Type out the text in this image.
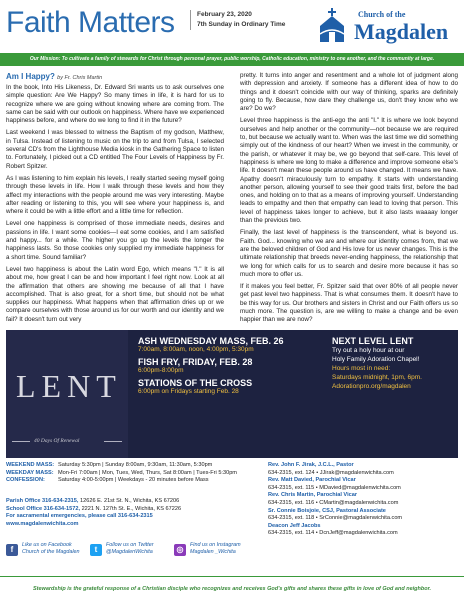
Faith Matters	February 23, 2020
7th Sunday in Ordinary Time
Church of the
Magdalen
Our Mission: To cultivate a family of stewards for Christ through personal prayer, public worship, Catholic education, ministry to one another, and the community at large.
Am I Happy? by Fr. Chris Martin

In the book, Into His Likeness, Dr. Edward Sri wants us to ask ourselves one simple question: Are We Happy? So many times in life, it is hard for us to recognize where we are going without knowing where are coming from. The same can be said with our outlook on happiness. Where have we experienced happiness before, and where do we long to find it in the future?

Last weekend I was blessed to witness the Baptism of my godson, Matthew, in Tulsa. Instead of listening to music on the trip to and from Tulsa, I selected several CD's from the Lighthouse Media kiosk in the Gathering Space to listen to. Fortunately, I picked out a CD entitled The Four Levels of Happiness by Fr. Robert Spitzer.

As I was listening to him explain his levels, I really started seeing myself going through these levels in life. How I walk through these levels and how they affect my interactions with the people around me was very interesting. Maybe after reading or listening to this, you will see where your happiness is, and where it could be with a little effort and a little time for reflection.

Level one happiness is comprised of those immediate needs, desires and passions in life. I want some cookies—I eat some cookies, and I am satisfied and happy... for a while. The higher you go up the levels the longer the happiness lasts. So those cookies only supplied my immediate happiness for a short time. Sound familiar?

Level two happiness is about the Latin word Ego, which means "I." It is all about me, how great I can be and how important I feel right now. Look at all the affirmation that others are showing me because of all that I have accomplished. That is also great, for a short time, but should not be what supplies our happiness. What happens when that affirmation dries up or we compare ourselves with those around us for our worth and our identity and we fail? It doesn't turn out very

pretty. It turns into anger and resentment and a whole lot of judgment along with depression and anxiety. If someone has a different idea of how to do things and it doesn't coincide with our way of thinking, sparks are definitely going to fly. Because, how dare they challenge us, don't they know who we are? Do we?

Level three happiness is the anti-ego the anti "I." It is where we look beyond ourselves and help another or the community—not because we are required to, but because we actually want to. When was the last time we did something simply out of the kindness of our heart? When we invest in the community, or the parish, or whatever it may be, we go beyond that self-care. This level of happiness is where we long to make a difference and improve someone else's life. It doesn't mean these people around us have changed. It means we have. Apathy doesn't miraculously turn to empathy. It starts with understanding another person, allowing yourself to see their good traits first, before the bad ones, and holding on to that as a means of improving yourself. Understanding leads to empathy and then that empathy can lead to loving that person. This level of happiness takes longer to achieve, but it also lasts waaaay longer than the previous two.

Finally, the last level of happiness is the transcendent, what is beyond us. Faith. God... knowing who we are and where our identity comes from, that we are the beloved children of God and His love for us never changes. This is the ultimate relationship that breeds never-ending happiness, the relationship that we long for which calls for us to search and desire more because it has so much more to offer us.

If it makes you feel better, Fr. Spitzer said that over 80% of all people never get past level two happiness. That is what consumes them. It doesn't have to be this way for us. Our brothers and sisters in Christ and our Faith offers us so much more. The question is, are we willing to make a change and be even happier than we are now?

LENT
40 Days Of Renewal
ASH WEDNESDAY MASS, FEB. 26
7:00am, 8:00am, noon, 4:00pm, 5:30pm
FISH FRY, FRIDAY, FEB. 28
6:00pm-8:00pm
STATIONS OF THE CROSS
6:00pm on Fridays starting Feb. 28
NEXT LEVEL LENT
Try out a holy hour at our
Holy Family Adoration Chapel!
Hours most in need:
Saturdays midnight, 1pm, 6pm.
Adorationpro.org/magdalen
WEEKEND MASS: Saturday 5:30pm | Sunday 8:00am, 9:30am, 11:30am, 5:30pm
WEEKDAY MASS: Mon-Fri 7:00am | Mon, Tues, Wed, Thurs, Sat 8:00am | Tues-Fri 5:30pm
CONFESSION: Saturday 4:00-5:00pm | Weekdays - 20 minutes before Mass
Parish Office 316-634-2315, 12626 E. 21st St. N., Wichita, KS 67206
School Office 316-634-1572, 2221 N. 127th St. E., Wichita, KS 67226
For sacramental emergencies, please call 316-634-2315
www.magdalenwichita.com
f	Like us on Facebook
Church of the Magdalen	t	Follow us on Twitter
@MagdalenWichita	◎	Find us on Instagram
Magdalen _Wichita
Rev. John F. Jirak, J.C.L., Pastor
634-2315, ext. 124 • JJirak@magdalenwichita.com
Rev. Matt Davied, Parochial Vicar
634-2315, ext. 115 • MDavied@magdalenwichita.com
Rev. Chris Martin, Parochial Vicar
634-2315, ext. 116 • CMartin@magdalenwichita.com
Sr. Connie Boisjoie, CSJ, Pastoral Associate
634-2315, ext. 118 • SrConnie@magdalenwichita.com
Deacon Jeff Jacobs
634-2315, ext. 114 • DcnJeff@magdalenwichita.com
Stewardship is the grateful response of a Christian disciple who recognizes and receives God's gifts and shares these gifts in love of God and neighbor.
